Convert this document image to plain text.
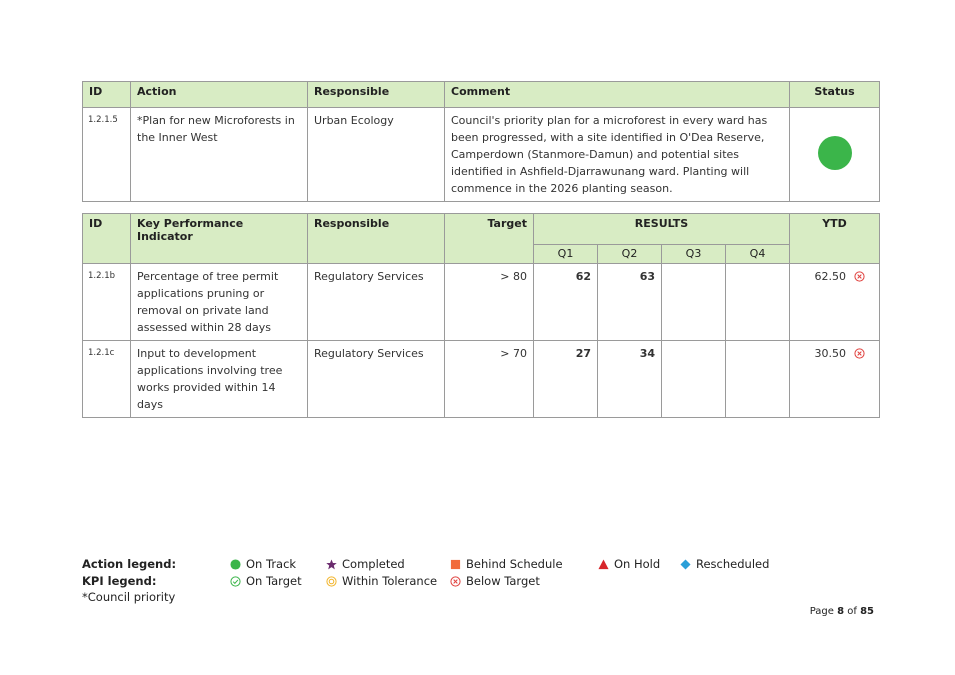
ID	Action	Responsible	Comment	Status
1.2.1.5	*Plan for new Microforests in the Inner West	Urban Ecology	Council's priority plan for a microforest in every ward has been progressed, with a site identified in O'Dea Reserve, Camperdown (Stanmore-Damun) and potential sites identified in Ashfield-Djarrawunang ward. Planting will commence in the 2026 planting season.	
ID	Key Performance Indicator	Responsible	Target	RESULTS				YTD
				Q1	Q2	Q3	Q4	
1.2.1b	Percentage of tree permit applications pruning or removal on private land assessed within 28 days	Regulatory Services	> 80	62	63			62.50

1.2.1c	Input to development applications involving tree works provided within 14 days	Regulatory Services	> 70	27	34			30.50
Action legend:	On Track	Completed	Behind Schedule	On Hold	Rescheduled
KPI legend:	On Target	Within Tolerance	Below Target
*Council priority
Page 8 of 85
